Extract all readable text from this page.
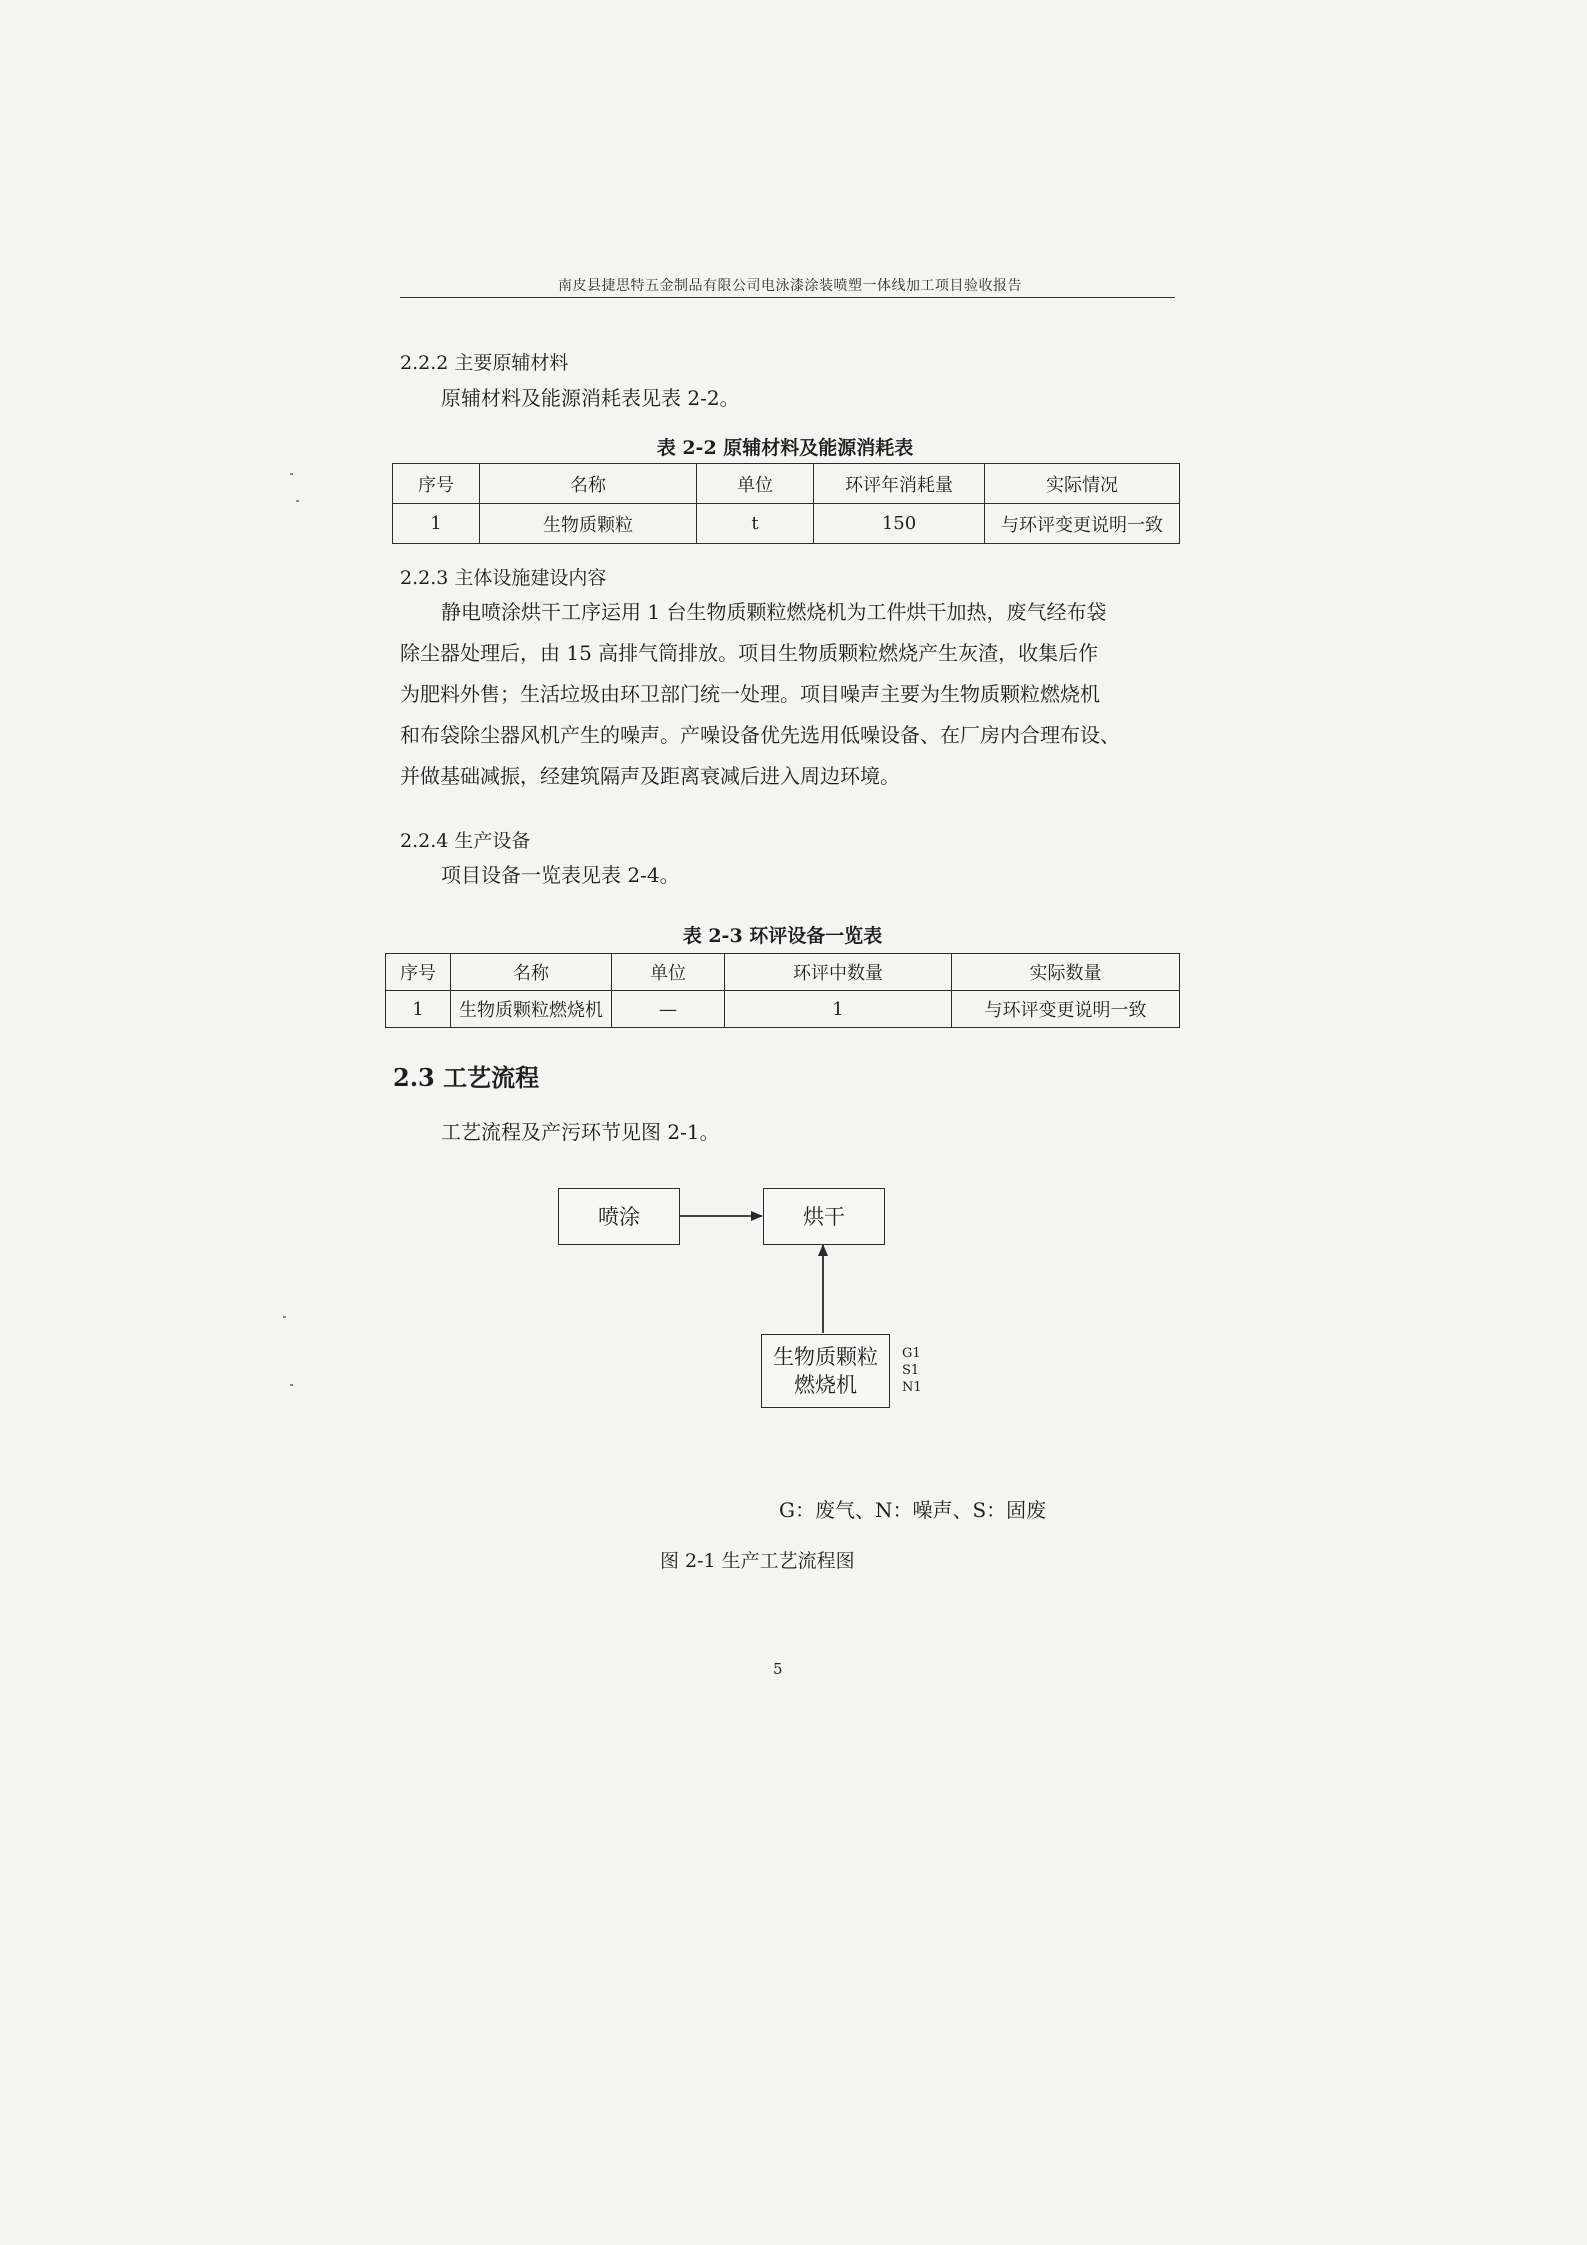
南皮县捷思特五金制品有限公司电泳漆涂装喷塑一体线加工项目验收报告
2.2.2 主要原辅材料
原辅材料及能源消耗表见表 2-2。
表 2-2 原辅材料及能源消耗表
序号	名称	单位	环评年消耗量	实际情况
1	生物质颗粒	t	150	与环评变更说明一致
2.2.3 主体设施建设内容
静电喷涂烘干工序运用 1 台生物质颗粒燃烧机为工件烘干加热，废气经布袋
除尘器处理后，由 15 高排气筒排放。项目生物质颗粒燃烧产生灰渣，收集后作
为肥料外售；生活垃圾由环卫部门统一处理。项目噪声主要为生物质颗粒燃烧机
和布袋除尘器风机产生的噪声。产噪设备优先选用低噪设备、在厂房内合理布设、
并做基础减振，经建筑隔声及距离衰减后进入周边环境。
2.2.4 生产设备
项目设备一览表见表 2-4。
表 2-3 环评设备一览表
序号	名称	单位	环评中数量	实际数量
1	生物质颗粒燃烧机	—	1	与环评变更说明一致
2.3 工艺流程
工艺流程及产污环节见图 2-1。
喷涂	烘干
生物质颗粒
燃烧机
G1
S1
N1
G：废气、N：噪声、S：固废
图 2-1 生产工艺流程图
5
